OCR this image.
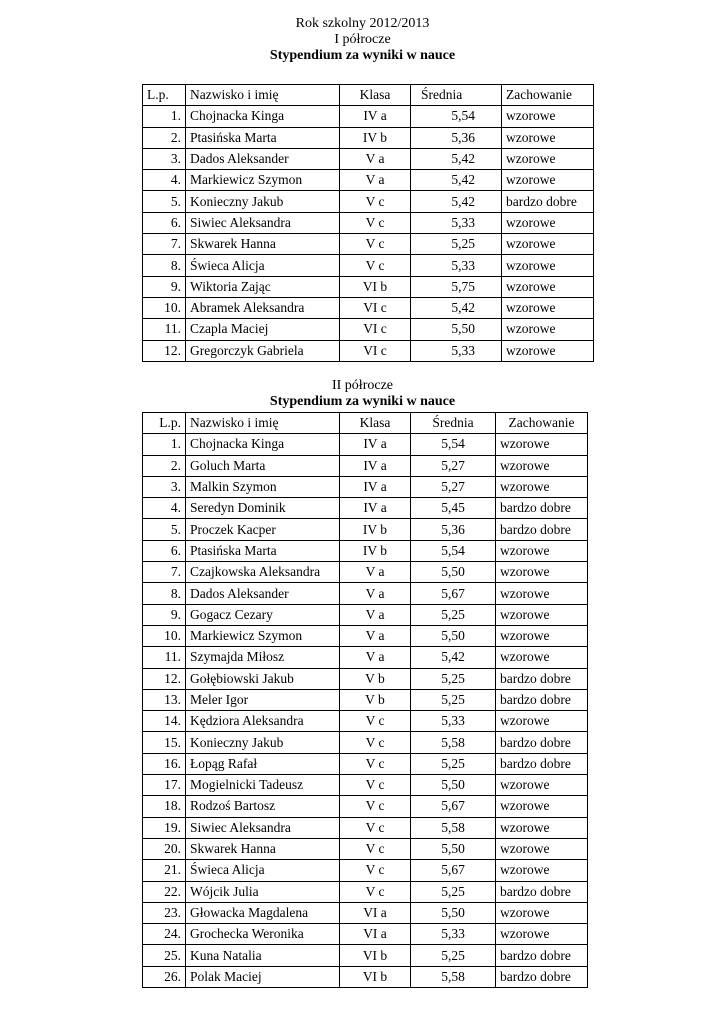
Rok szkolny 2012/2013
I półrocze
Stypendium za wyniki w nauce
L.p.	Nazwisko i imię	Klasa	Średnia	Zachowanie
1.	Chojnacka Kinga	IV a	5,54	wzorowe
2.	Ptasińska Marta	IV b	5,36	wzorowe
3.	Dados Aleksander	V a	5,42	wzorowe
4.	Markiewicz Szymon	V a	5,42	wzorowe
5.	Konieczny Jakub	V c	5,42	bardzo dobre
6.	Siwiec Aleksandra	V c	5,33	wzorowe
7.	Skwarek Hanna	V c	5,25	wzorowe
8.	Świeca Alicja	V c	5,33	wzorowe
9.	Wiktoria Zając	VI b	5,75	wzorowe
10.	Abramek Aleksandra	VI c	5,42	wzorowe
11.	Czapla Maciej	VI c	5,50	wzorowe
12.	Gregorczyk Gabriela	VI c	5,33	wzorowe
II półrocze
Stypendium za wyniki w nauce
L.p.	Nazwisko i imię	Klasa	Średnia	Zachowanie
1.	Chojnacka Kinga	IV a	5,54	wzorowe
2.	Goluch Marta	IV a	5,27	wzorowe
3.	Malkin Szymon	IV a	5,27	wzorowe
4.	Seredyn Dominik	IV a	5,45	bardzo dobre
5.	Proczek Kacper	IV b	5,36	bardzo dobre
6.	Ptasińska Marta	IV b	5,54	wzorowe
7.	Czajkowska Aleksandra	V a	5,50	wzorowe
8.	Dados Aleksander	V a	5,67	wzorowe
9.	Gogacz Cezary	V a	5,25	wzorowe
10.	Markiewicz Szymon	V a	5,50	wzorowe
11.	Szymajda Miłosz	V a	5,42	wzorowe
12.	Gołębiowski Jakub	V b	5,25	bardzo dobre
13.	Meler Igor	V b	5,25	bardzo dobre
14.	Kędziora Aleksandra	V c	5,33	wzorowe
15.	Konieczny Jakub	V c	5,58	bardzo dobre
16.	Łopąg Rafał	V c	5,25	bardzo dobre
17.	Mogielnicki Tadeusz	V c	5,50	wzorowe
18.	Rodzoś Bartosz	V c	5,67	wzorowe
19.	Siwiec Aleksandra	V c	5,58	wzorowe
20.	Skwarek Hanna	V c	5,50	wzorowe
21.	Świeca Alicja	V c	5,67	wzorowe
22.	Wójcik Julia	V c	5,25	bardzo dobre
23.	Głowacka Magdalena	VI a	5,50	wzorowe
24.	Grochecka Weronika	VI a	5,33	wzorowe
25.	Kuna Natalia	VI b	5,25	bardzo dobre
26.	Polak Maciej	VI b	5,58	bardzo dobre
